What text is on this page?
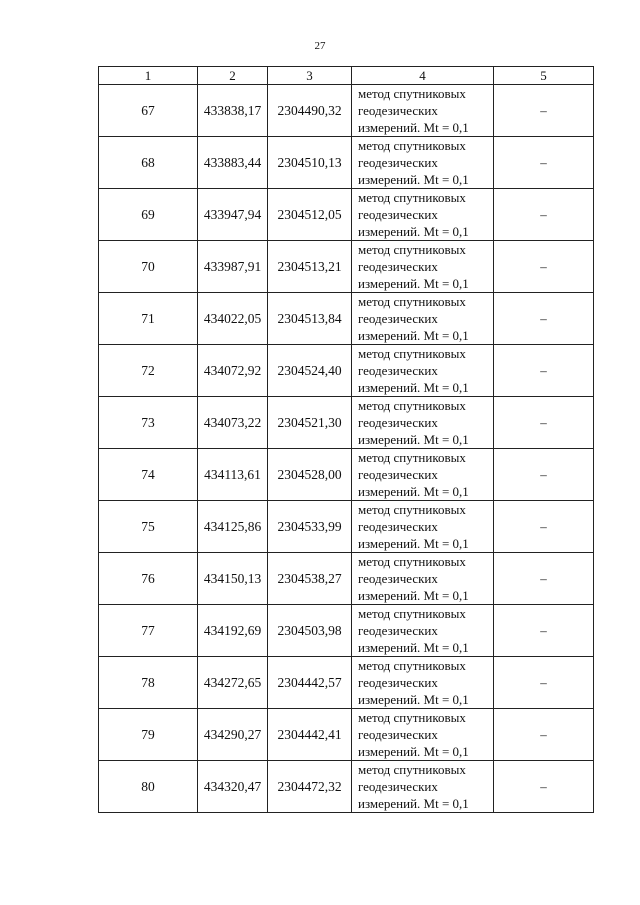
27
1	2	3	4	5
67	433838,17	2304490,32	метод спутниковых
геодезических
измерений. Mt = 0,1	–
68	433883,44	2304510,13	метод спутниковых
геодезических
измерений. Mt = 0,1	–
69	433947,94	2304512,05	метод спутниковых
геодезических
измерений. Mt = 0,1	–
70	433987,91	2304513,21	метод спутниковых
геодезических
измерений. Mt = 0,1	–
71	434022,05	2304513,84	метод спутниковых
геодезических
измерений. Mt = 0,1	–
72	434072,92	2304524,40	метод спутниковых
геодезических
измерений. Mt = 0,1	–
73	434073,22	2304521,30	метод спутниковых
геодезических
измерений. Mt = 0,1	–
74	434113,61	2304528,00	метод спутниковых
геодезических
измерений. Mt = 0,1	–
75	434125,86	2304533,99	метод спутниковых
геодезических
измерений. Mt = 0,1	–
76	434150,13	2304538,27	метод спутниковых
геодезических
измерений. Mt = 0,1	–
77	434192,69	2304503,98	метод спутниковых
геодезических
измерений. Mt = 0,1	–
78	434272,65	2304442,57	метод спутниковых
геодезических
измерений. Mt = 0,1	–
79	434290,27	2304442,41	метод спутниковых
геодезических
измерений. Mt = 0,1	–
80	434320,47	2304472,32	метод спутниковых
геодезических
измерений. Mt = 0,1	–
